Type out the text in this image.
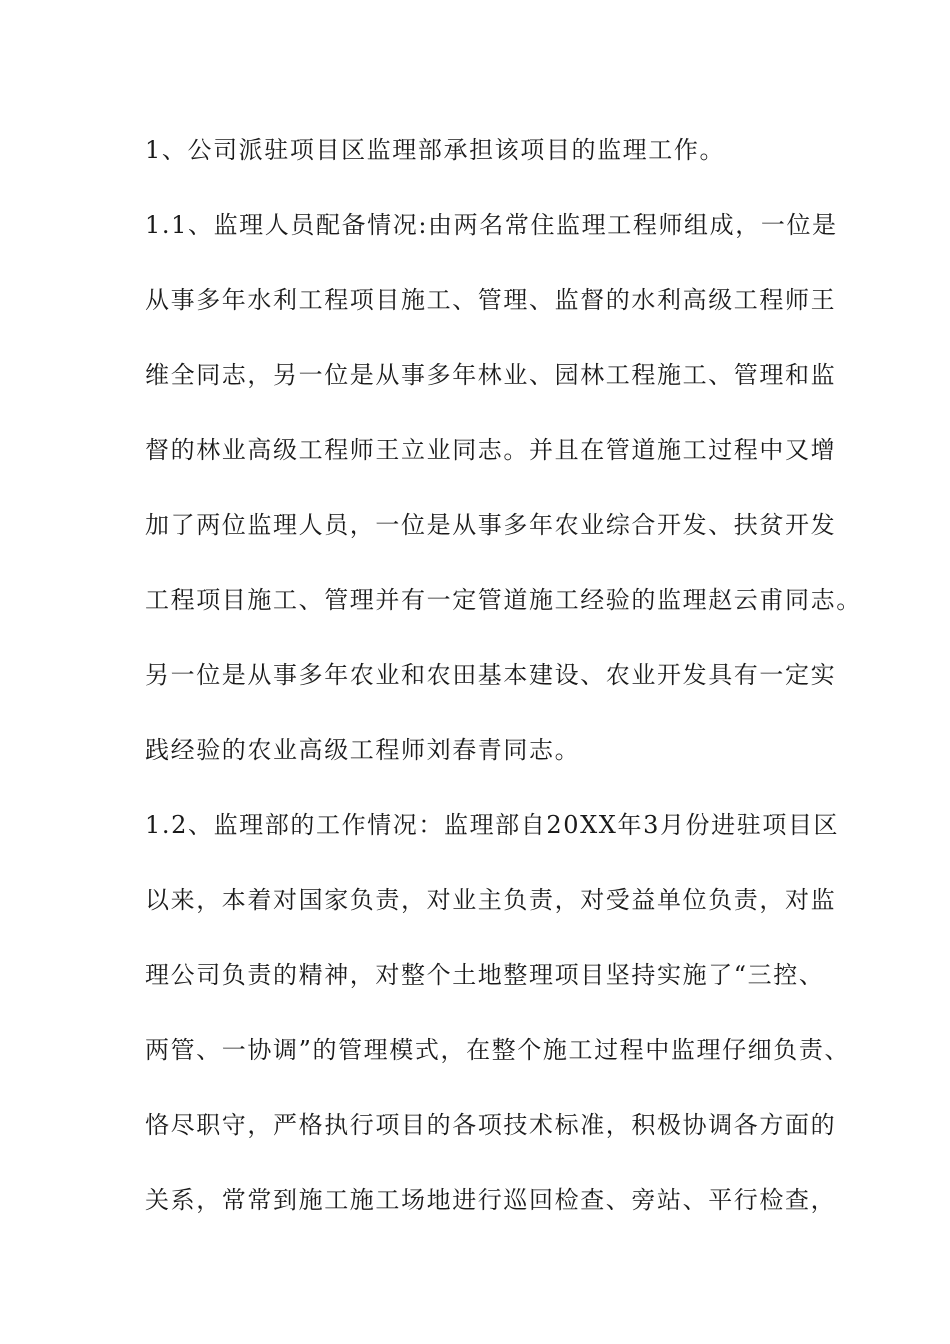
1、公司派驻项目区监理部承担该项目的监理工作。

1.1、监理人员配备情况:由两名常住监理工程师组成，一位是

从事多年水利工程项目施工、管理、监督的水利高级工程师王

维全同志，另一位是从事多年林业、园林工程施工、管理和监

督的林业高级工程师王立业同志。并且在管道施工过程中又增

加了两位监理人员，一位是从事多年农业综合开发、扶贫开发

工程项目施工、管理并有一定管道施工经验的监理赵云甫同志。

另一位是从事多年农业和农田基本建设、农业开发具有一定实

践经验的农业高级工程师刘春青同志。

1.2、监理部的工作情况：监理部自20XX年3月份进驻项目区

以来，本着对国家负责，对业主负责，对受益单位负责，对监

理公司负责的精神，对整个土地整理项目坚持实施了“三控、

两管、一协调”的管理模式，在整个施工过程中监理仔细负责、

恪尽职守，严格执行项目的各项技术标准，积极协调各方面的

关系，常常到施工施工场地进行巡回检查、旁站、平行检查，
